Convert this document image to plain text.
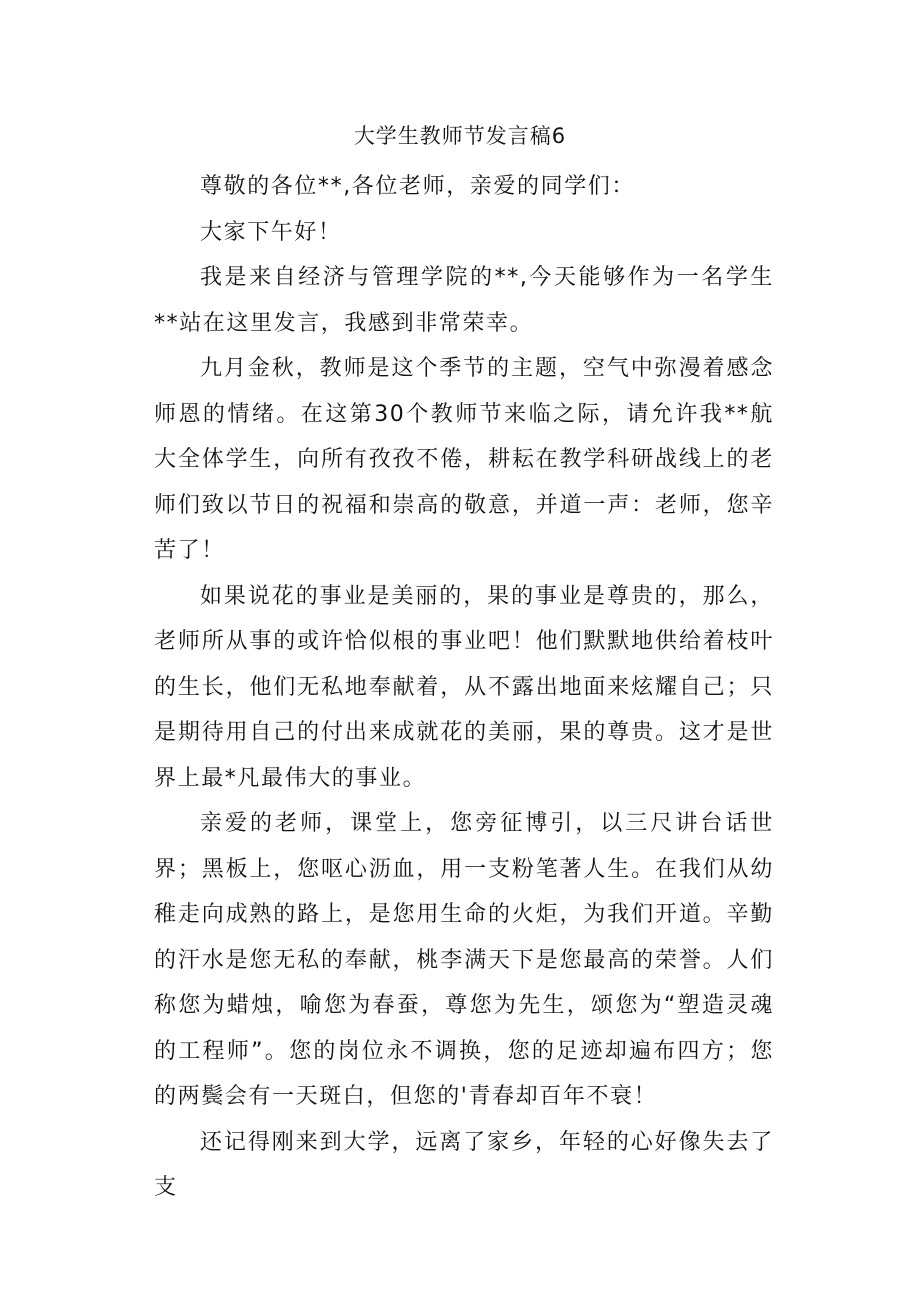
大学生教师节发言稿6

尊敬的各位**,各位老师，亲爱的同学们：

大家下午好！

我是来自经济与管理学院的**,今天能够作为一名学生**站在这里发言，我感到非常荣幸。

九月金秋，教师是这个季节的主题，空气中弥漫着感念师恩的情绪。在这第30个教师节来临之际，请允许我**航大全体学生，向所有孜孜不倦，耕耘在教学科研战线上的老师们致以节日的祝福和崇高的敬意，并道一声：老师，您辛苦了！

如果说花的事业是美丽的，果的事业是尊贵的，那么，老师所从事的或许恰似根的事业吧！他们默默地供给着枝叶的生长，他们无私地奉献着，从不露出地面来炫耀自己；只是期待用自己的付出来成就花的美丽，果的尊贵。这才是世界上最*凡最伟大的事业。

亲爱的老师，课堂上，您旁征博引，以三尺讲台话世界；黑板上，您呕心沥血，用一支粉笔著人生。在我们从幼稚走向成熟的路上，是您用生命的火炬，为我们开道。辛勤的汗水是您无私的奉献，桃李满天下是您最高的荣誉。人们称您为蜡烛，喻您为春蚕，尊您为先生，颂您为“塑造灵魂的工程师”。您的岗位永不调换，您的足迹却遍布四方；您的两鬓会有一天斑白，但您的'青春却百年不衰！

还记得刚来到大学，远离了家乡，年轻的心好像失去了支
